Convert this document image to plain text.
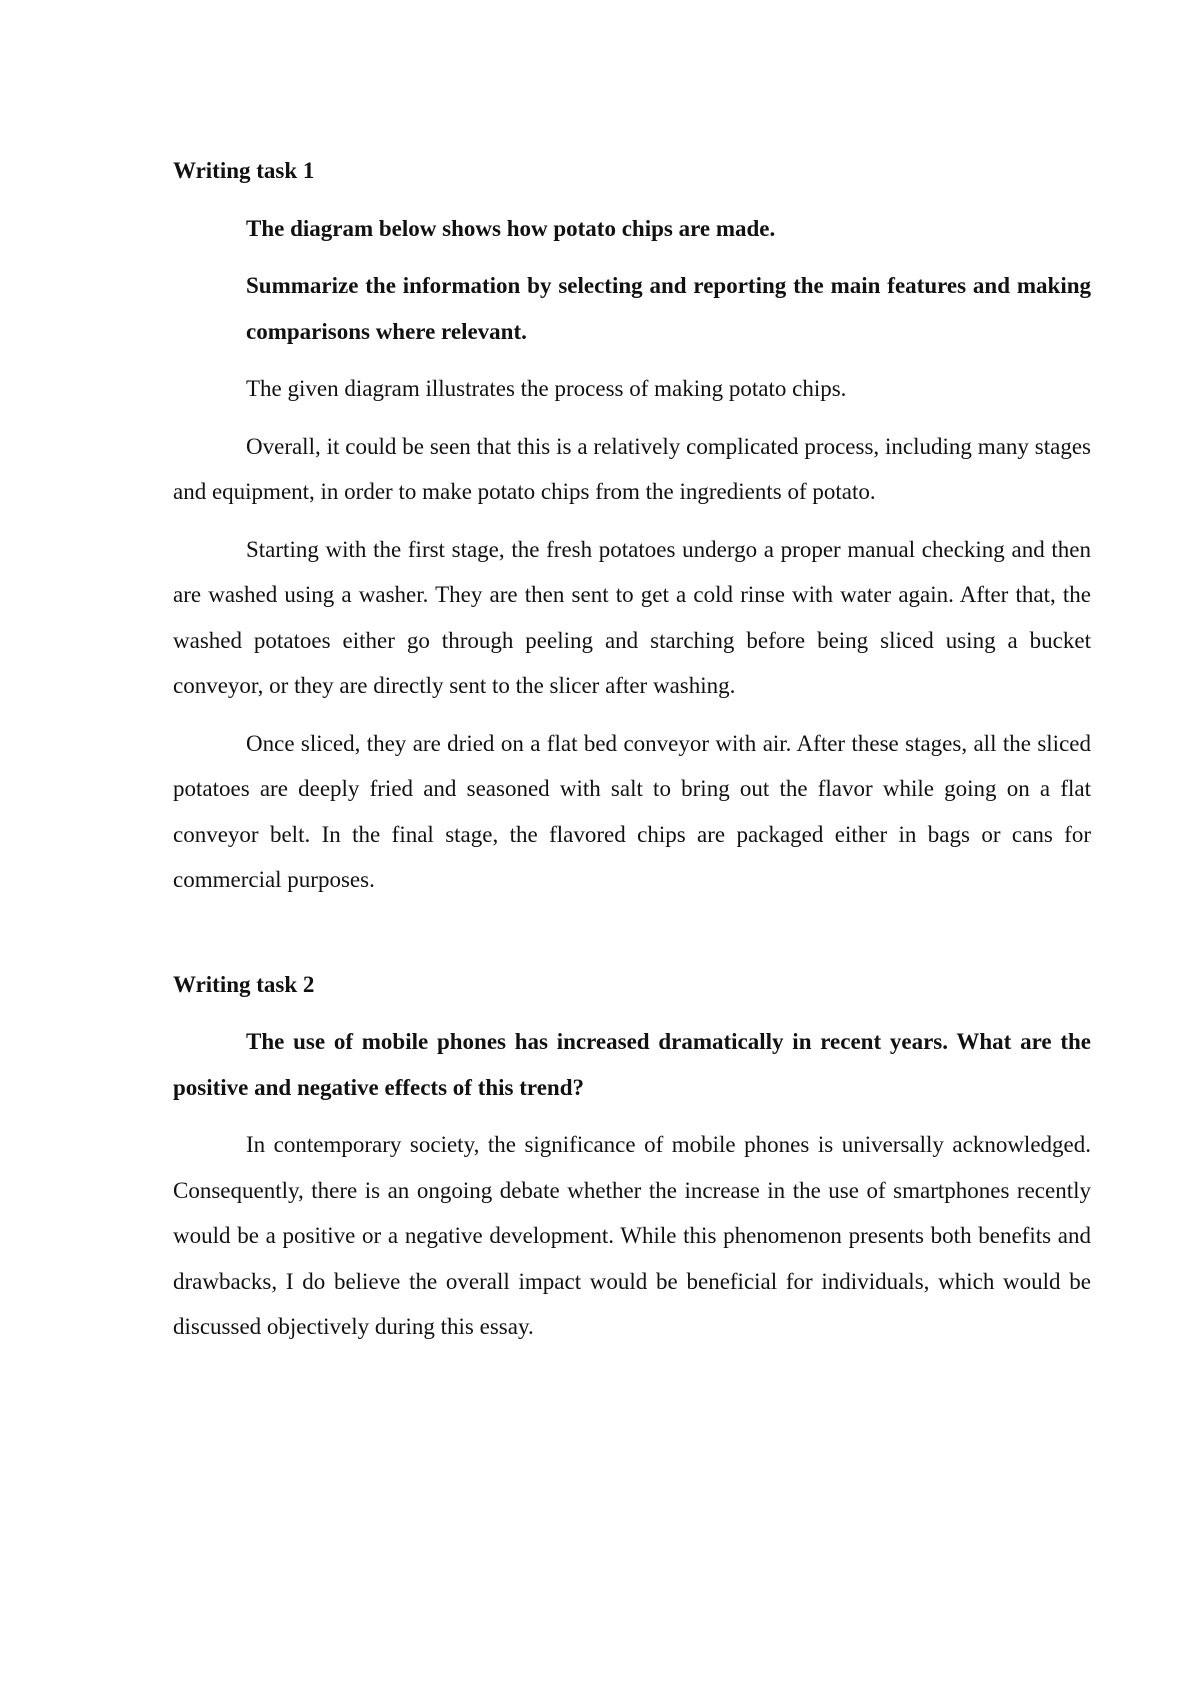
Writing task 1
The diagram below shows how potato chips are made.
Summarize the information by selecting and reporting the main features and making comparisons where relevant.
The given diagram illustrates the process of making potato chips.

Overall, it could be seen that this is a relatively complicated process, including many stages and equipment, in order to make potato chips from the ingredients of potato.

Starting with the first stage, the fresh potatoes undergo a proper manual checking and then are washed using a washer. They are then sent to get a cold rinse with water again. After that, the washed potatoes either go through peeling and starching before being sliced using a bucket conveyor, or they are directly sent to the slicer after washing.

Once sliced, they are dried on a flat bed conveyor with air. After these stages, all the sliced potatoes are deeply fried and seasoned with salt to bring out the flavor while going on a flat conveyor belt. In the final stage, the flavored chips are packaged either in bags or cans for commercial purposes.

Writing task 2

The use of mobile phones has increased dramatically in recent years. What are the positive and negative effects of this trend?

In contemporary society, the significance of mobile phones is universally acknowledged. Consequently, there is an ongoing debate whether the increase in the use of smartphones recently would be a positive or a negative development. While this phenomenon presents both benefits and drawbacks, I do believe the overall impact would be beneficial for individuals, which would be discussed objectively during this essay.
